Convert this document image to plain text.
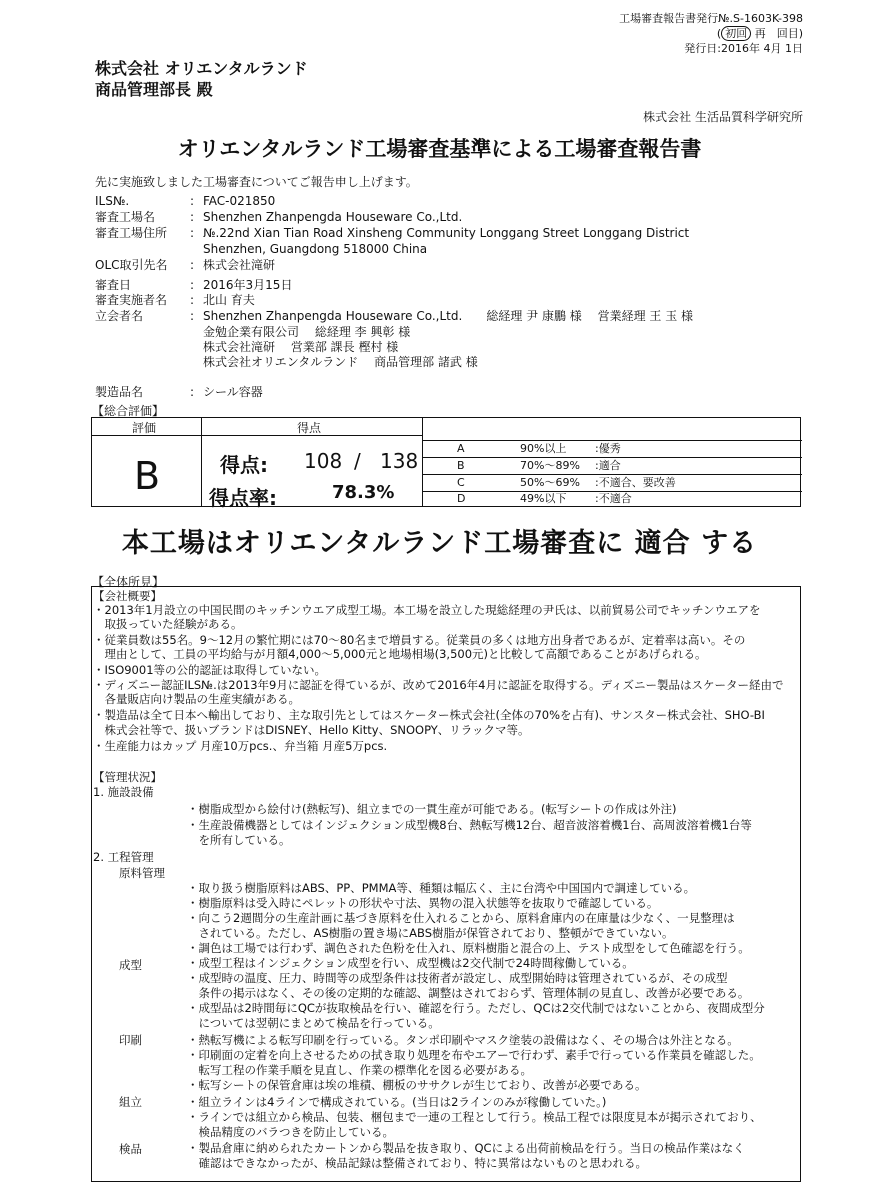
工場審査報告書発行№.S-1603K-398
( 初回 再　回目)
発行日:2016年 4月 1日
株式会社 オリエンタルランド
商品管理部長 殿
株式会社 生活品質科学研究所
オリエンタルランド工場審査基準による工場審査報告書
先に実施致しました工場審査についてご報告申し上げます。
ILS№.	: FAC-021850
審査工場名	: Shenzhen Zhanpengda Houseware Co.,Ltd.
審査工場住所 : №.22nd Xian Tian Road Xinsheng Community Longgang Street Longgang District
Shenzhen, Guangdong 518000 China
OLC取引先名 : 株式会社滝研
審査日	: 2016年3月15日
審査実施者名 : 北山 育夫
立会者名	: Shenzhen Zhanpengda Houseware Co.,Ltd.　　総経理 尹 康鵬 様　 営業経理 王 玉 様
金勉企業有限公司　 総経理 李 興彰 様
株式会社滝研　 営業部 課長 樫村 様
株式会社オリエンタルランド　 商品管理部 諸武 様
製造品名	: シール容器
【総合評価】
評価	得点
B	得点: 108 / 138
得点率:	78.3%
A	90%以上	:優秀
B	70%～89% :適合
C	50%～69% :不適合、要改善
D	49%以下	:不適合
本工場はオリエンタルランド工場審査に 適合 する
【全体所見】
【会社概要】
・2013年1月設立の中国民間のキッチンウエア成型工場。本工場を設立した現総経理の尹氏は、以前貿易公司でキッチンウエアを
　取扱っていた経験がある。
・従業員数は55名。9～12月の繁忙期には70～80名まで増員する。従業員の多くは地方出身者であるが、定着率は高い。その
　理由として、工員の平均給与が月額4,000～5,000元と地場相場(3,500元)と比較して高額であることがあげられる。
・ISO9001等の公的認証は取得していない。
・ディズニー認証ILS№.は2013年9月に認証を得ているが、改めて2016年4月に認証を取得する。ディズニー製品はスケーター経由で
　各量販店向け製品の生産実績がある。
・製造品は全て日本へ輸出しており、主な取引先としてはスケーター株式会社(全体の70%を占有)、サンスター株式会社、SHO-BI
　株式会社等で、扱いブランドはDISNEY、Hello Kitty、SNOOPY、リラックマ等。
・生産能力はカップ 月産10万pcs.、弁当箱 月産5万pcs.
【管理状況】
1. 施設設備
・樹脂成型から絵付け(熱転写)、組立までの一貫生産が可能である。(転写シートの作成は外注)
・生産設備機器としてはインジェクション成型機8台、熱転写機12台、超音波溶着機1台、高周波溶着機1台等
　を所有している。
2. 工程管理
原料管理
・取り扱う樹脂原料はABS、PP、PMMA等、種類は幅広く、主に台湾や中国国内で調達している。
・樹脂原料は受入時にペレットの形状や寸法、異物の混入状態等を抜取りで確認している。
・向こう2週間分の生産計画に基づき原料を仕入れることから、原料倉庫内の在庫量は少なく、一見整理は
　されている。ただし、AS樹脂の置き場にABS樹脂が保管されており、整頓ができていない。
・調色は工場では行わず、調色された色粉を仕入れ、原料樹脂と混合の上、テスト成型をして色確認を行う。
成型	・成型工程はインジェクション成型を行い、成型機は2交代制で24時間稼働している。
・成型時の温度、圧力、時間等の成型条件は技術者が設定し、成型開始時は管理されているが、その成型
　条件の掲示はなく、その後の定期的な確認、調整はされておらず、管理体制の見直し、改善が必要である。
・成型品は2時間毎にQCが抜取検品を行い、確認を行う。ただし、QCは2交代制ではないことから、夜間成型分
　については翌朝にまとめて検品を行っている。
印刷	・熱転写機による転写印刷を行っている。タンポ印刷やマスク塗装の設備はなく、その場合は外注となる。
・印刷面の定着を向上させるための拭き取り処理を布やエアーで行わず、素手で行っている作業員を確認した。
　転写工程の作業手順を見直し、作業の標準化を図る必要がある。
・転写シートの保管倉庫は埃の堆積、棚板のササクレが生じており、改善が必要である。
組立	・組立ラインは4ラインで構成されている。(当日は2ラインのみが稼働していた。)
・ラインでは組立から検品、包装、梱包まで一連の工程として行う。検品工程では限度見本が掲示されており、
　検品精度のバラつきを防止している。
検品	・製品倉庫に納められたカートンから製品を抜き取り、QCによる出荷前検品を行う。当日の検品作業はなく
　確認はできなかったが、検品記録は整備されており、特に異常はないものと思われる。
